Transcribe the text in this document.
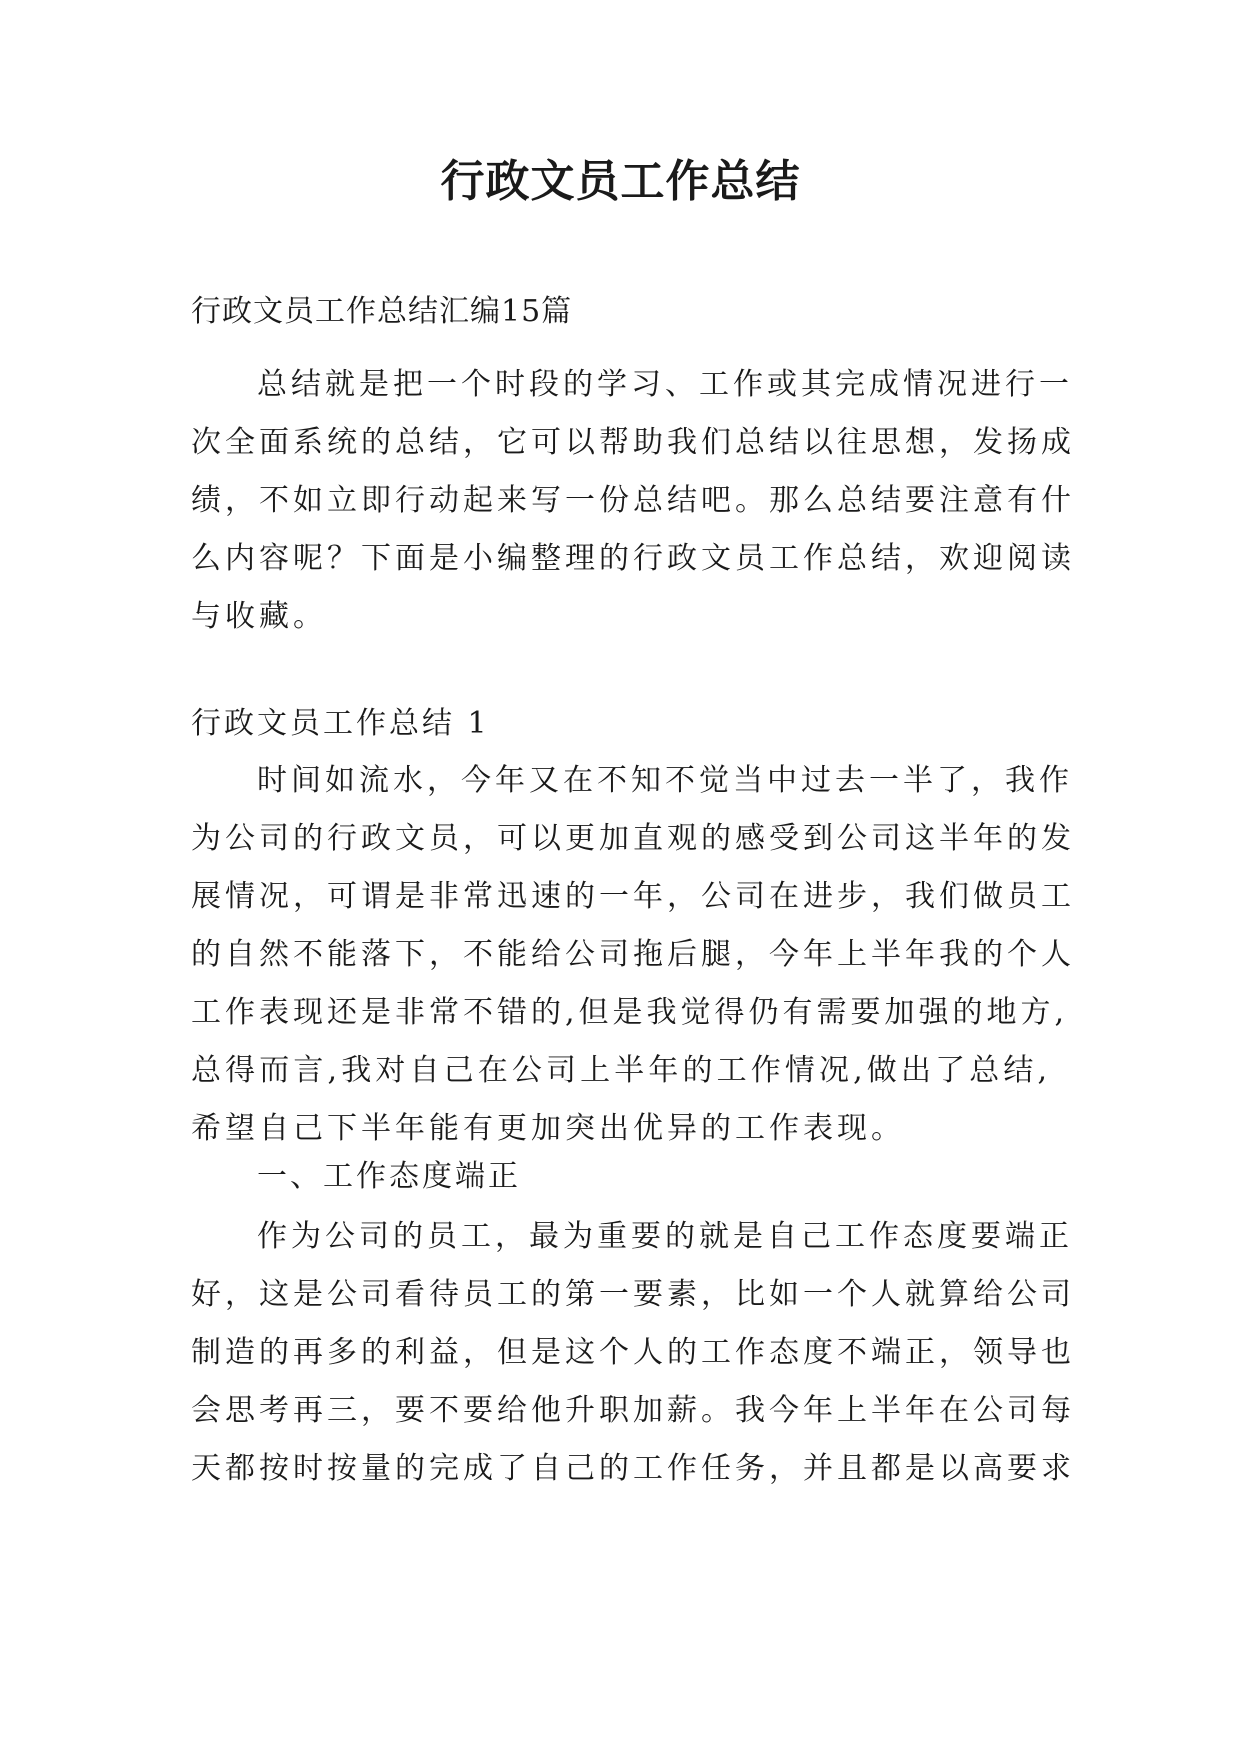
行政文员工作总结

行政文员工作总结汇编15篇

总结就是把一个时段的学习、工作或其完成情况进行一
次全面系统的总结，它可以帮助我们总结以往思想，发扬成
绩，不如立即行动起来写一份总结吧。那么总结要注意有什
么内容呢？下面是小编整理的行政文员工作总结，欢迎阅读
与收藏。

行政文员工作总结 1

时间如流水，今年又在不知不觉当中过去一半了，我作
为公司的行政文员，可以更加直观的感受到公司这半年的发
展情况，可谓是非常迅速的一年，公司在进步，我们做员工
的自然不能落下，不能给公司拖后腿，今年上半年我的个人
工作表现还是非常不错的,但是我觉得仍有需要加强的地方,
总得而言,我对自己在公司上半年的工作情况,做出了总结,
希望自己下半年能有更加突出优异的工作表现。

一、工作态度端正

作为公司的员工，最为重要的就是自己工作态度要端正
好，这是公司看待员工的第一要素，比如一个人就算给公司
制造的再多的利益，但是这个人的工作态度不端正，领导也
会思考再三，要不要给他升职加薪。我今年上半年在公司每
天都按时按量的完成了自己的工作任务，并且都是以高要求
